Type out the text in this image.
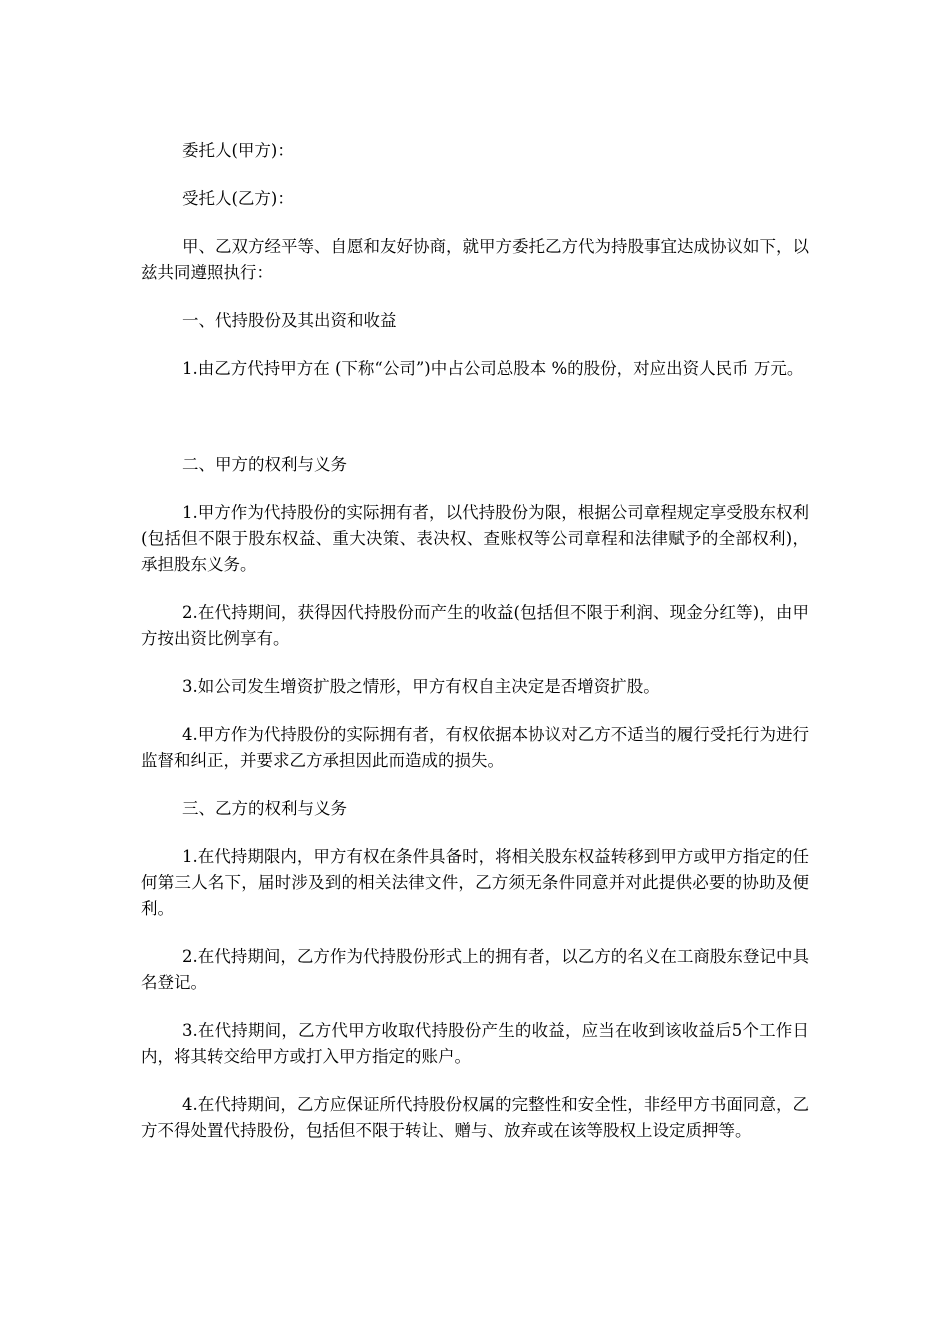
委托人(甲方)：

受托人(乙方)：

甲、乙双方经平等、自愿和友好协商，就甲方委托乙方代为持股事宜达成协议如下，以兹共同遵照执行：

一、代持股份及其出资和收益

1.由乙方代持甲方在 (下称“公司”)中占公司总股本 %的股份，对应出资人民币 万元。

二、甲方的权利与义务

1.甲方作为代持股份的实际拥有者，以代持股份为限，根据公司章程规定享受股东权利(包括但不限于股东权益、重大决策、表决权、查账权等公司章程和法律赋予的全部权利)，承担股东义务。

2.在代持期间，获得因代持股份而产生的收益(包括但不限于利润、现金分红等)，由甲方按出资比例享有。

3.如公司发生增资扩股之情形，甲方有权自主决定是否增资扩股。

4.甲方作为代持股份的实际拥有者，有权依据本协议对乙方不适当的履行受托行为进行监督和纠正，并要求乙方承担因此而造成的损失。

三、乙方的权利与义务

1.在代持期限内，甲方有权在条件具备时，将相关股东权益转移到甲方或甲方指定的任何第三人名下，届时涉及到的相关法律文件，乙方须无条件同意并对此提供必要的协助及便利。

2.在代持期间，乙方作为代持股份形式上的拥有者，以乙方的名义在工商股东登记中具名登记。

3.在代持期间，乙方代甲方收取代持股份产生的收益，应当在收到该收益后5个工作日内，将其转交给甲方或打入甲方指定的账户。

4.在代持期间，乙方应保证所代持股份权属的完整性和安全性，非经甲方书面同意，乙方不得处置代持股份，包括但不限于转让、赠与、放弃或在该等股权上设定质押等。
